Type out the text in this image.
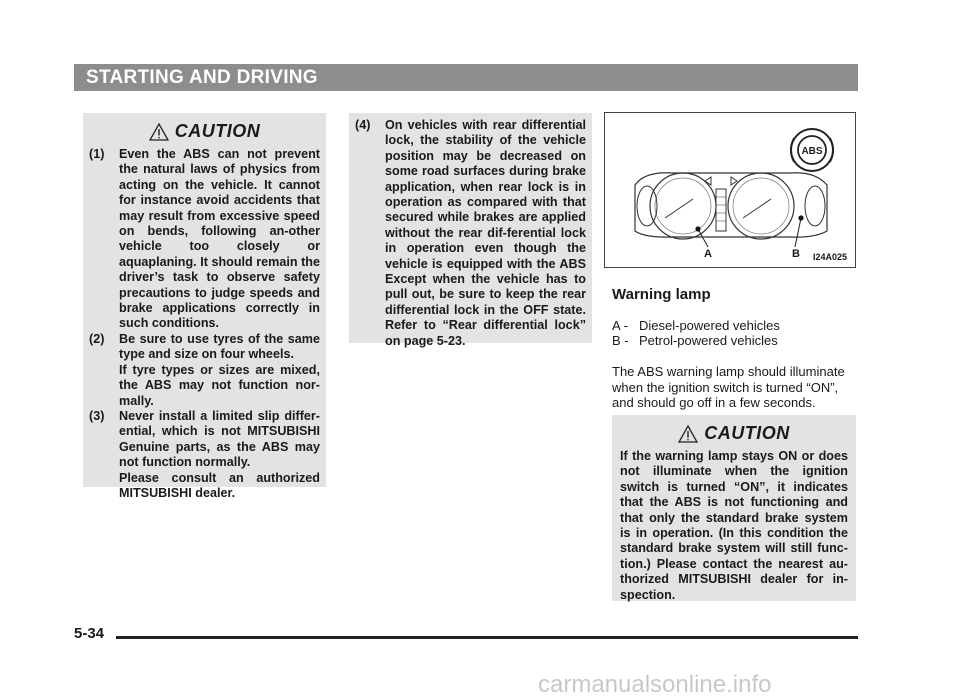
STARTING AND DRIVING
CAUTION
(1)	Even the ABS can not prevent the natural laws of physics from acting on the vehicle. It cannot for instance avoid accidents that may result from excessive speed on bends, following an-other vehicle too closely or aquaplaning. It should remain the driver’s task to observe safety precautions to judge speeds and brake applications correctly in such conditions.
(2)	Be sure to use tyres of the same type and size on four wheels.
If tyre types or sizes are mixed, the ABS may not function nor-mally.
(3)	Never install a limited slip differ-ential, which is not MITSUBISHI Genuine parts, as the ABS may not function normally.
Please consult an authorized MITSUBISHI dealer.
(4)	On vehicles with rear differential lock, the stability of the vehicle position may be decreased on some road surfaces during brake application, when rear lock is in operation as compared with that secured while brakes are applied without the rear dif-ferential lock in operation even though the vehicle is equipped with the ABS Except when the vehicle has to pull out, be sure to keep the rear differential lock in the OFF state. Refer to “Rear differential lock” on page 5-23.
ABS
A	B I24A025
Warning lamp
A - Diesel-powered vehicles
B - Petrol-powered vehicles
The ABS warning lamp should illuminate when the ignition switch is turned “ON”, and should go off in a few seconds.
CAUTION
If the warning lamp stays ON or does not illuminate when the ignition switch is turned “ON”, it indicates that the ABS is not functioning and that only the standard brake system is in operation. (In this condition the standard brake system will still func-tion.) Please contact the nearest au-thorized MITSUBISHI dealer for in-spection.
5-34
carmanualsonline.info
